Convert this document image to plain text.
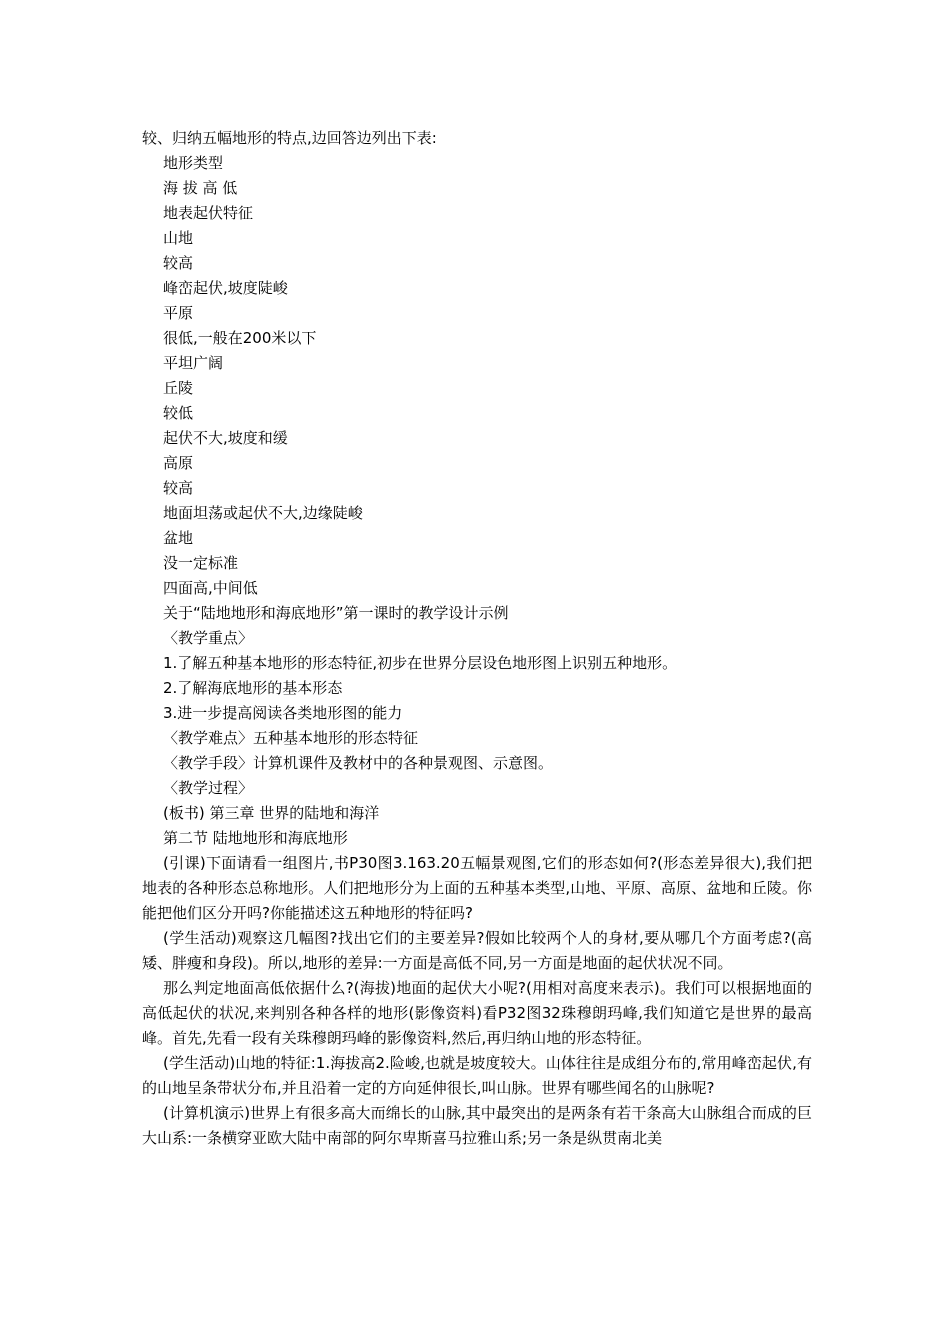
较、归纳五幅地形的特点,边回答边列出下表:
地形类型
海 拔 高 低
地表起伏特征
山地
较高
峰峦起伏,坡度陡峻
平原
很低,一般在200米以下
平坦广阔
丘陵
较低
起伏不大,坡度和缓
高原
较高
地面坦荡或起伏不大,边缘陡峻
盆地
没一定标准
四面高,中间低
关于“陆地地形和海底地形”第一课时的教学设计示例
〈教学重点〉
1.了解五种基本地形的形态特征,初步在世界分层设色地形图上识别五种地形。
2.了解海底地形的基本形态
3.进一步提高阅读各类地形图的能力
〈教学难点〉五种基本地形的形态特征
〈教学手段〉计算机课件及教材中的各种景观图、示意图。
〈教学过程〉
(板书) 第三章 世界的陆地和海洋
第二节 陆地地形和海底地形
(引课)下面请看一组图片,书P30图3.163.20五幅景观图,它们的形态如何?(形态差异很大),我们把地表的各种形态总称地形。人们把地形分为上面的五种基本类型,山地、平原、高原、盆地和丘陵。你能把他们区分开吗?你能描述这五种地形的特征吗?
(学生活动)观察这几幅图?找出它们的主要差异?假如比较两个人的身材,要从哪几个方面考虑?(高矮、胖瘦和身段)。所以,地形的差异:一方面是高低不同,另一方面是地面的起伏状况不同。
那么判定地面高低依据什么?(海拔)地面的起伏大小呢?(用相对高度来表示)。我们可以根据地面的高低起伏的状况,来判别各种各样的地形(影像资料)看P32图32珠穆朗玛峰,我们知道它是世界的最高峰。首先,先看一段有关珠穆朗玛峰的影像资料,然后,再归纳山地的形态特征。
(学生活动)山地的特征:1.海拔高2.险峻,也就是坡度较大。山体往往是成组分布的,常用峰峦起伏,有的山地呈条带状分布,并且沿着一定的方向延伸很长,叫山脉。世界有哪些闻名的山脉呢?
(计算机演示)世界上有很多高大而绵长的山脉,其中最突出的是两条有若干条高大山脉组合而成的巨大山系:一条横穿亚欧大陆中南部的阿尔卑斯喜马拉雅山系;另一条是纵贯南北美
